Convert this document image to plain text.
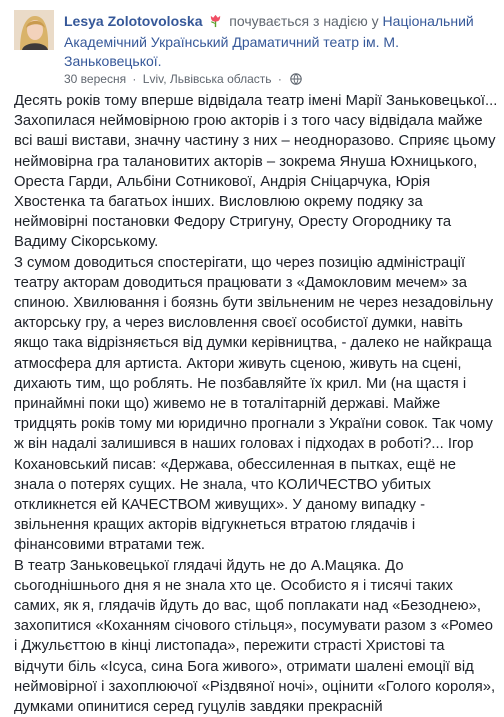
Lesya Zolotovoloska почувається з надією у Національний Академічний Український Драматичний театр ім. М. Заньковецької.
30 вересня · Lviv, Львівська область ·

Десять років тому вперше відвідала театр імені Марії Заньковецької... Захопилася неймовірною грою акторів і з того часу відвідала майже всі ваші вистави, значну частину з них – неодноразово. Сприяє цьому неймовірна гра талановитих акторів – зокрема Януша Юхницького, Ореста Гарди, Альбіни Сотникової, Андрія Сніцарчука, Юрія Хвостенка та багатьох інших. Висловлюю окрему подяку за неймовірні постановки Федору Стригуну, Оресту Огороднику та Вадиму Сікорському.

З сумом доводиться спостерігати, що через позицію адміністрації театру акторам доводиться працювати з «Дамокловим мечем» за спиною. Хвилювання і боязнь бути звільненим не через незадовільну акторську гру, а через висловлення своєї особистої думки, навіть якщо така відрізняється від думки керівництва, - далеко не найкраща атмосфера для артиста. Актори живуть сценою, живуть на сцені, дихають тим, що роблять. Не позбавляйте їх крил. Ми (на щастя і принаймні поки що) живемо не в тоталітарній державі. Майже тридцять років тому ми юридично прогнали з України совок. Так чому ж він надалі залишився в наших головах і підходах в роботі?... Ігор Кохановський писав: «Держава, обессиленная в пытках, ещё не знала о потерях сущих. Не знала, что КОЛИЧЕСТВО убитых откликнется ей КАЧЕСТВОМ живущих». У даному випадку - звільнення кращих акторів відгукнеться втратою глядачів і фінансовими втратами теж.

В театр Заньковецької глядачі йдуть не до А.Мацяка. До сьогоднішнього дня я не знала хто це. Особисто я і тисячі таких самих, як я, глядачів йдуть до вас, щоб поплакати над «Безоднею», захопитися «Коханням січового стільця», посумувати разом з «Ромео і Джульєттою в кінці листопада», пережити страсті Христові та відчути біль «Ісуса, сина Бога живого», отримати шалені емоції від неймовірної і захоплюючої «Різдвяної ночі», оцінити «Голого короля», думками опинитися серед гуцулів завдяки прекрасній
